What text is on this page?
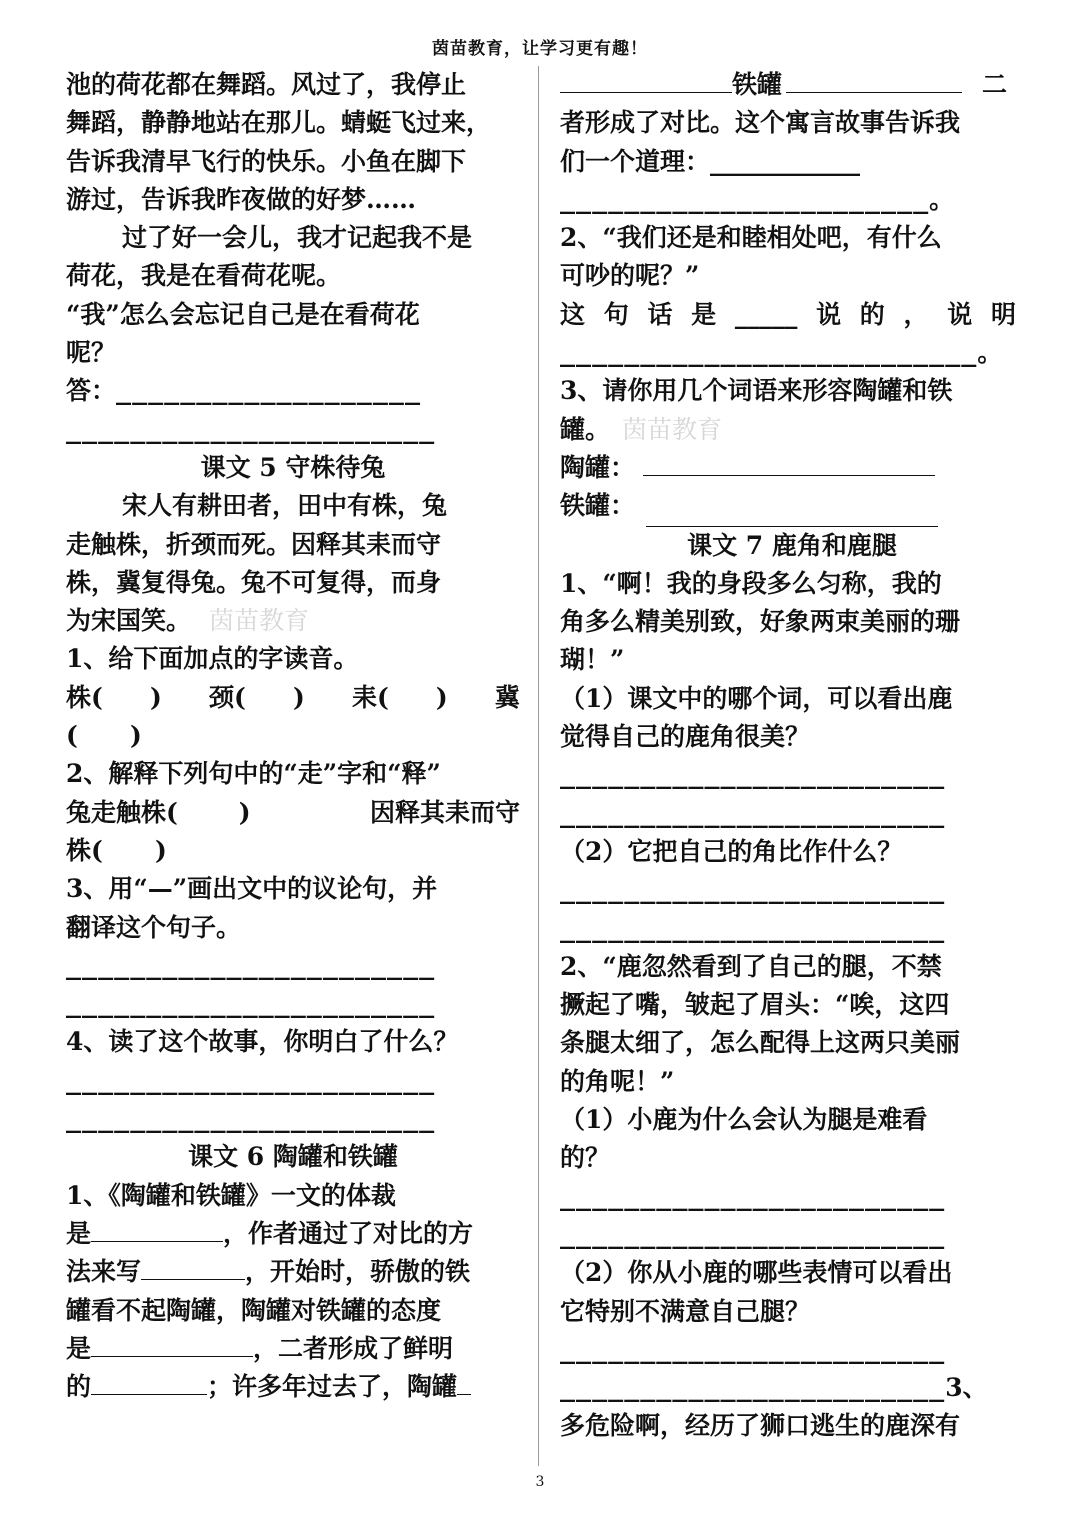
茵苗教育，让学习更有趣！
池的荷花都在舞蹈。风过了，我停止
舞蹈，静静地站在那儿。蜻蜓飞过来，
告诉我清早飞行的快乐。小鱼在脚下
游过，告诉我昨夜做的好梦……
过了好一会儿，我才记起我不是
荷花，我是在看荷花呢。
“我”怎么会忘记自己是在看荷花
呢？
答：___________________
_______________________
课文 5 守株待兔
宋人有耕田者，田中有株，兔
走触株，折颈而死。因释其耒而守
株，冀复得兔。兔不可复得，而身
为宋国笑。 茵苗教育
1、给下面加点的字读音。
株( ) 颈( ) 耒( ) 冀
(      )
2、解释下列句中的“走”字和“释”
兔走触株(       )	因释其耒而守
株(      )
3、用“—”画出文中的议论句，并
翻译这个句子。
_______________________
_______________________
4、读了这个故事，你明白了什么？
_______________________
_______________________
课文 6 陶罐和铁罐
1、《陶罐和铁罐》一文的体裁
是	，作者通过了对比的方
法来写	，开始时，骄傲的铁
罐看不起陶罐，陶罐对铁罐的态度
是	，二者形成了鲜明
的	；许多年过去了，陶罐
铁罐	二
者形成了对比。这个寓言故事告诉我
们一个道理：____________
_______________________。
2、“我们还是和睦相处吧，有什么
可吵的呢？”
这 句 话 是 _____ 说 的 ， 说 明
__________________________。
3、请你用几个词语来形容陶罐和铁
罐。 茵苗教育
陶罐：
铁罐：
课文 7 鹿角和鹿腿
1、“啊！我的身段多么匀称，我的
角多么精美别致，好象两束美丽的珊
瑚！”
（1）课文中的哪个词，可以看出鹿
觉得自己的鹿角很美？
________________________
________________________
（2）它把自己的角比作什么？
________________________
________________________
2、“鹿忽然看到了自己的腿，不禁
撅起了嘴，皱起了眉头：“唉，这四
条腿太细了，怎么配得上这两只美丽
的角呢！”
（1）小鹿为什么会认为腿是难看
的？
________________________
________________________
（2）你从小鹿的哪些表情可以看出
它特别不满意自己腿？
________________________
________________________3、
多危险啊，经历了狮口逃生的鹿深有
3
